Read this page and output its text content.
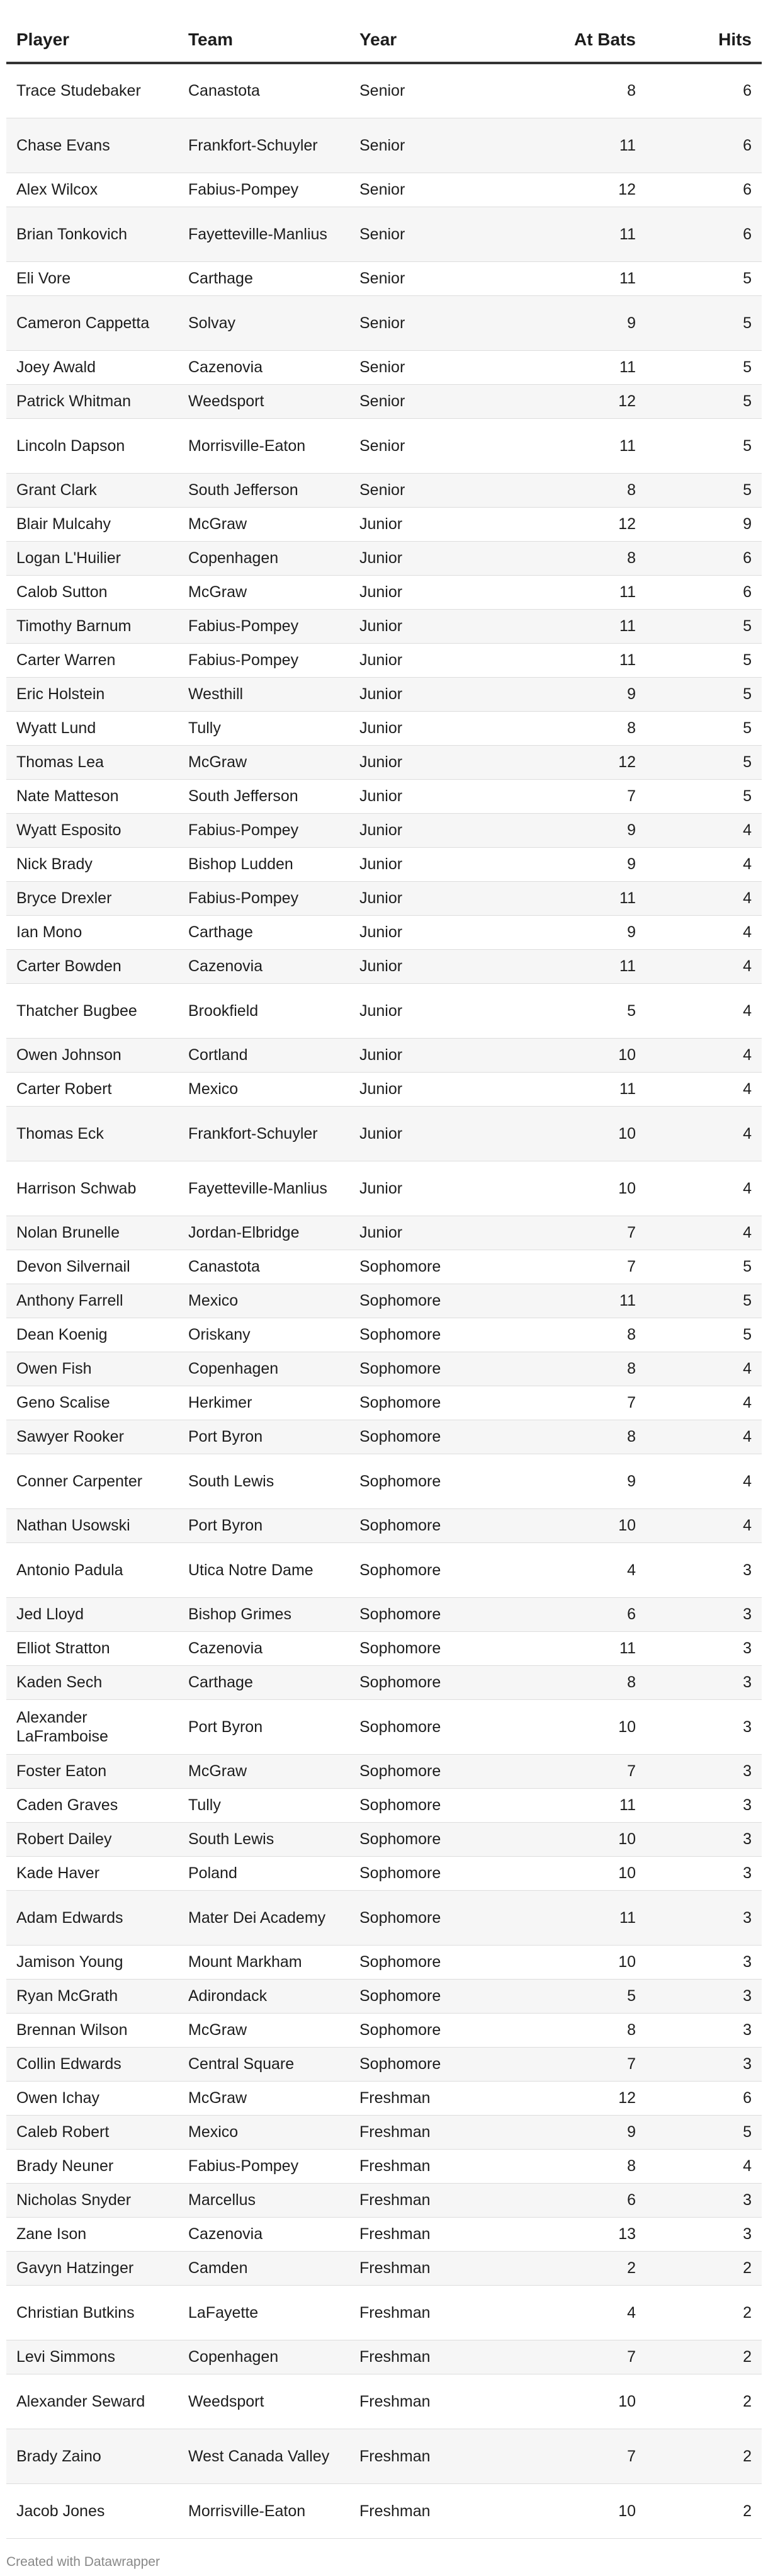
Player	Team	Year	At Bats	Hits
Trace Studebaker	Canastota	Senior	8	6
Chase Evans	Frankfort-Schuyler	Senior	11	6
Alex Wilcox	Fabius-Pompey	Senior	12	6
Brian Tonkovich	Fayetteville-Manlius	Senior	11	6
Eli Vore	Carthage	Senior	11	5
Cameron Cappetta	Solvay	Senior	9	5
Joey Awald	Cazenovia	Senior	11	5
Patrick Whitman	Weedsport	Senior	12	5
Lincoln Dapson	Morrisville-Eaton	Senior	11	5
Grant Clark	South Jefferson	Senior	8	5
Blair Mulcahy	McGraw	Junior	12	9
Logan L'Huilier	Copenhagen	Junior	8	6
Calob Sutton	McGraw	Junior	11	6
Timothy Barnum	Fabius-Pompey	Junior	11	5
Carter Warren	Fabius-Pompey	Junior	11	5
Eric Holstein	Westhill	Junior	9	5
Wyatt Lund	Tully	Junior	8	5
Thomas Lea	McGraw	Junior	12	5
Nate Matteson	South Jefferson	Junior	7	5
Wyatt Esposito	Fabius-Pompey	Junior	9	4
Nick Brady	Bishop Ludden	Junior	9	4
Bryce Drexler	Fabius-Pompey	Junior	11	4
Ian Mono	Carthage	Junior	9	4
Carter Bowden	Cazenovia	Junior	11	4
Thatcher Bugbee	Brookfield	Junior	5	4
Owen Johnson	Cortland	Junior	10	4
Carter Robert	Mexico	Junior	11	4
Thomas Eck	Frankfort-Schuyler	Junior	10	4
Harrison Schwab	Fayetteville-Manlius	Junior	10	4
Nolan Brunelle	Jordan-Elbridge	Junior	7	4
Devon Silvernail	Canastota	Sophomore	7	5
Anthony Farrell	Mexico	Sophomore	11	5
Dean Koenig	Oriskany	Sophomore	8	5
Owen Fish	Copenhagen	Sophomore	8	4
Geno Scalise	Herkimer	Sophomore	7	4
Sawyer Rooker	Port Byron	Sophomore	8	4
Conner Carpenter	South Lewis	Sophomore	9	4
Nathan Usowski	Port Byron	Sophomore	10	4
Antonio Padula	Utica Notre Dame	Sophomore	4	3
Jed Lloyd	Bishop Grimes	Sophomore	6	3
Elliot Stratton	Cazenovia	Sophomore	11	3
Kaden Sech	Carthage	Sophomore	8	3
Alexander LaFramboise	Port Byron	Sophomore	10	3
Foster Eaton	McGraw	Sophomore	7	3
Caden Graves	Tully	Sophomore	11	3
Robert Dailey	South Lewis	Sophomore	10	3
Kade Haver	Poland	Sophomore	10	3
Adam Edwards	Mater Dei Academy	Sophomore	11	3
Jamison Young	Mount Markham	Sophomore	10	3
Ryan McGrath	Adirondack	Sophomore	5	3
Brennan Wilson	McGraw	Sophomore	8	3
Collin Edwards	Central Square	Sophomore	7	3
Owen Ichay	McGraw	Freshman	12	6
Caleb Robert	Mexico	Freshman	9	5
Brady Neuner	Fabius-Pompey	Freshman	8	4
Nicholas Snyder	Marcellus	Freshman	6	3
Zane Ison	Cazenovia	Freshman	13	3
Gavyn Hatzinger	Camden	Freshman	2	2
Christian Butkins	LaFayette	Freshman	4	2
Levi Simmons	Copenhagen	Freshman	7	2
Alexander Seward	Weedsport	Freshman	10	2
Brady Zaino	West Canada Valley	Freshman	7	2
Jacob Jones	Morrisville-Eaton	Freshman	10	2
Created with Datawrapper
